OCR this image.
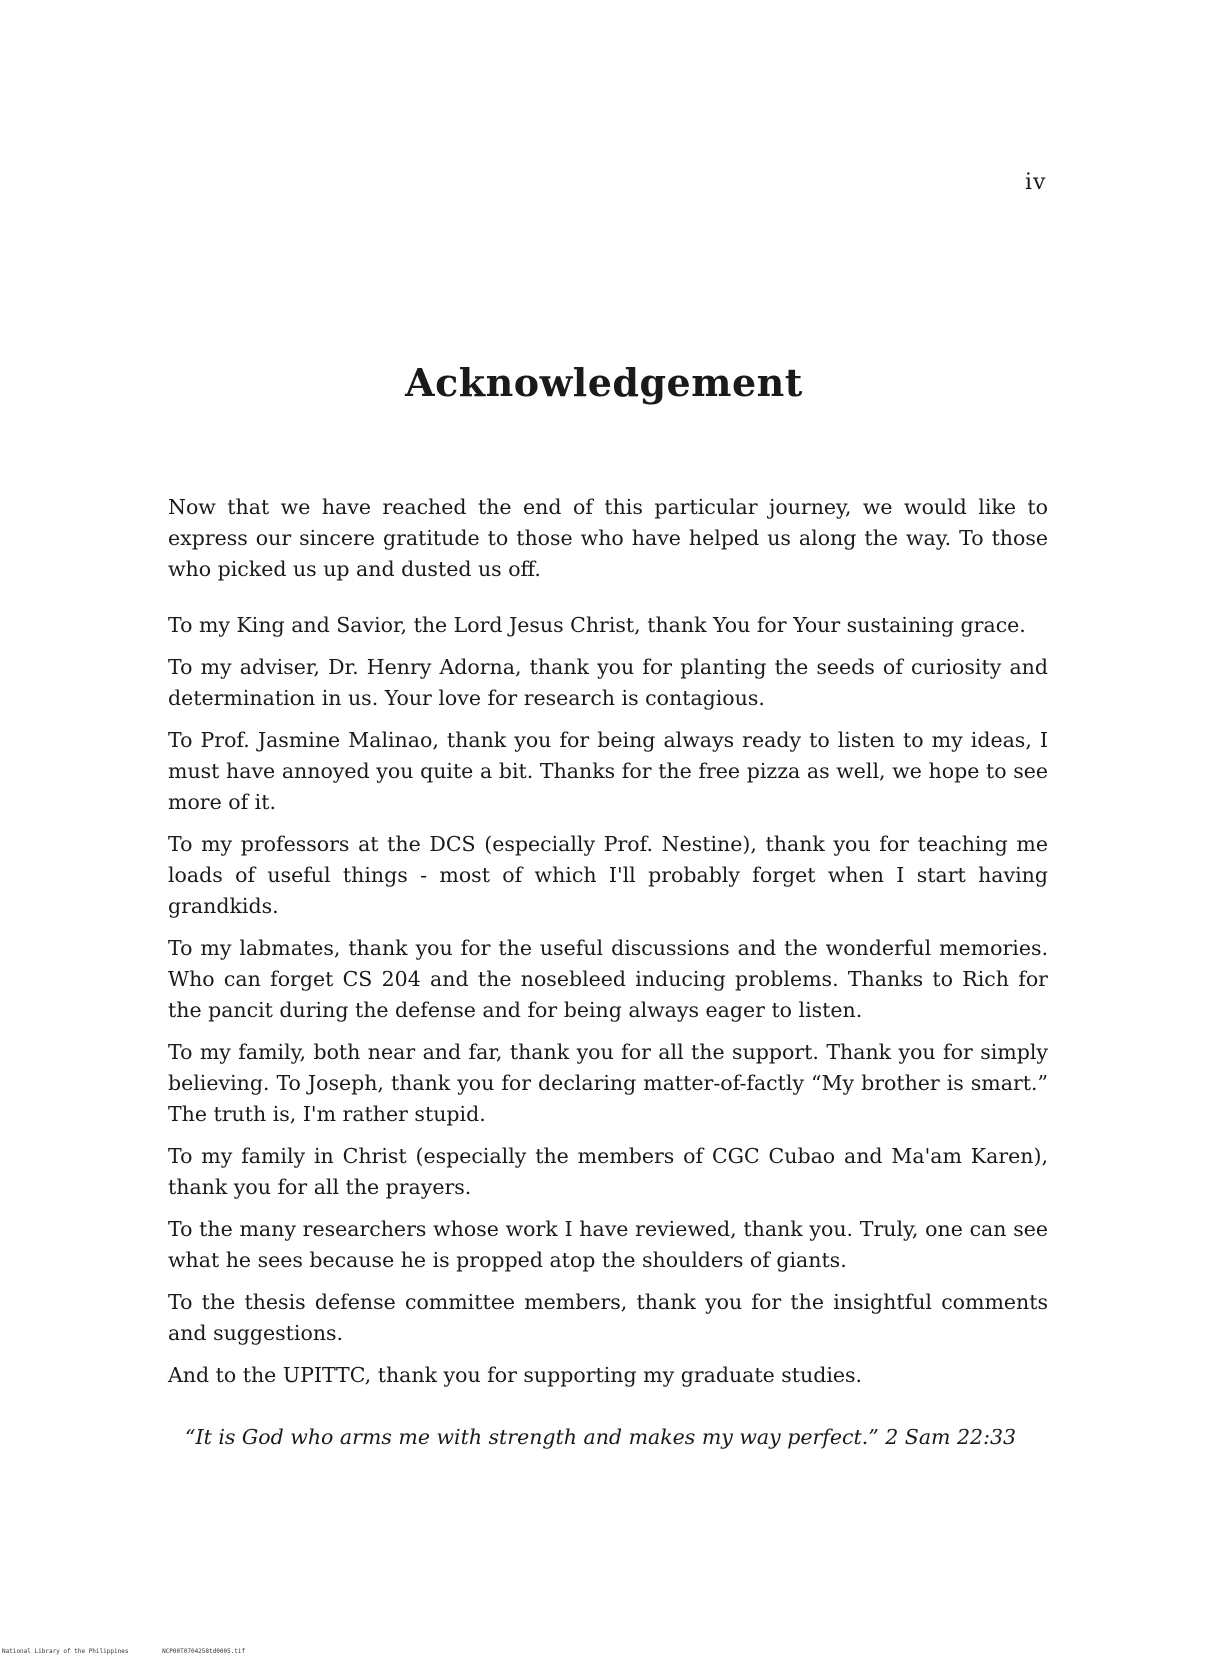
iv
Acknowledgement
Now that we have reached the end of this particular journey, we would like to express our sincere gratitude to those who have helped us along the way. To those who picked us up and dusted us off.

To my King and Savior, the Lord Jesus Christ, thank You for Your sustaining grace.

To my adviser, Dr. Henry Adorna, thank you for planting the seeds of curiosity and determination in us. Your love for research is contagious.

To Prof. Jasmine Malinao, thank you for being always ready to listen to my ideas, I must have annoyed you quite a bit. Thanks for the free pizza as well, we hope to see more of it.

To my professors at the DCS (especially Prof. Nestine), thank you for teaching me loads of useful things - most of which I'll probably forget when I start having grandkids.

To my labmates, thank you for the useful discussions and the wonderful memories. Who can forget CS 204 and the nosebleed inducing problems. Thanks to Rich for the pancit during the defense and for being always eager to listen.

To my family, both near and far, thank you for all the support. Thank you for simply believing. To Joseph, thank you for declaring matter-of-factly “My brother is smart.” The truth is, I'm rather stupid.

To my family in Christ (especially the members of CGC Cubao and Ma'am Karen), thank you for all the prayers.

To the many researchers whose work I have reviewed, thank you. Truly, one can see what he sees because he is propped atop the shoulders of giants.

To the thesis defense committee members, thank you for the insightful comments and suggestions.

And to the UPITTC, thank you for supporting my graduate studies.

“It is God who arms me with strength and makes my way perfect.” 2 Sam 22:33
National Library of the Philippines	NCP00T0704258td0005.tif
